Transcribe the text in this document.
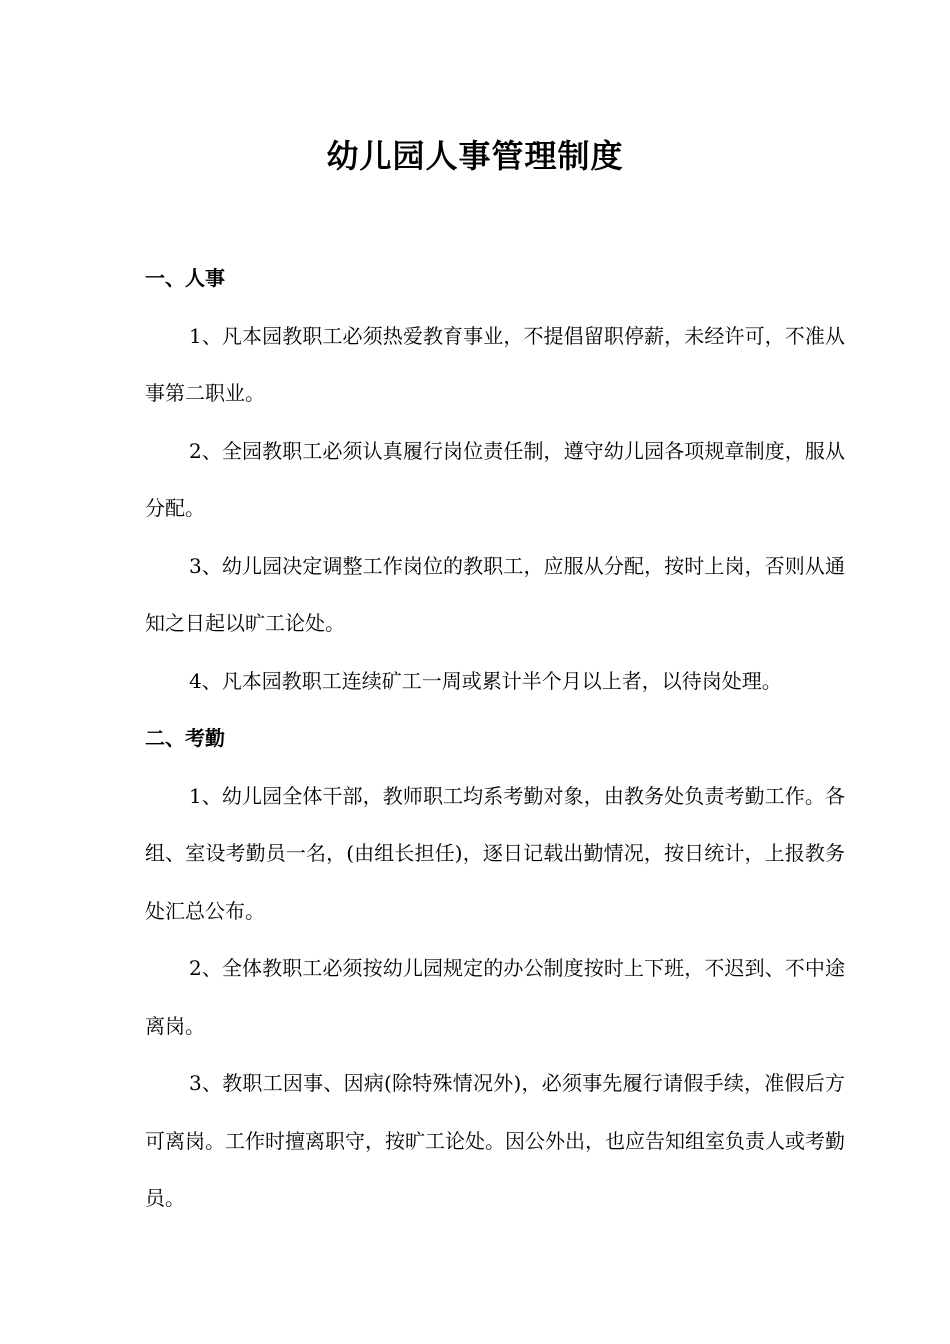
幼儿园人事管理制度
一、人事

1、凡本园教职工必须热爱教育事业，不提倡留职停薪，未经许可，不准从事第二职业。

2、全园教职工必须认真履行岗位责任制，遵守幼儿园各项规章制度，服从分配。

3、幼儿园决定调整工作岗位的教职工，应服从分配，按时上岗，否则从通知之日起以旷工论处。

4、凡本园教职工连续矿工一周或累计半个月以上者，以待岗处理。

二、考勤

1、幼儿园全体干部，教师职工均系考勤对象，由教务处负责考勤工作。各组、室设考勤员一名，(由组长担任)，逐日记载出勤情况，按日统计，上报教务处汇总公布。

2、全体教职工必须按幼儿园规定的办公制度按时上下班，不迟到、不中途离岗。

3、教职工因事、因病(除特殊情况外)，必须事先履行请假手续，准假后方可离岗。工作时擅离职守，按旷工论处。因公外出，也应告知组室负责人或考勤员。
